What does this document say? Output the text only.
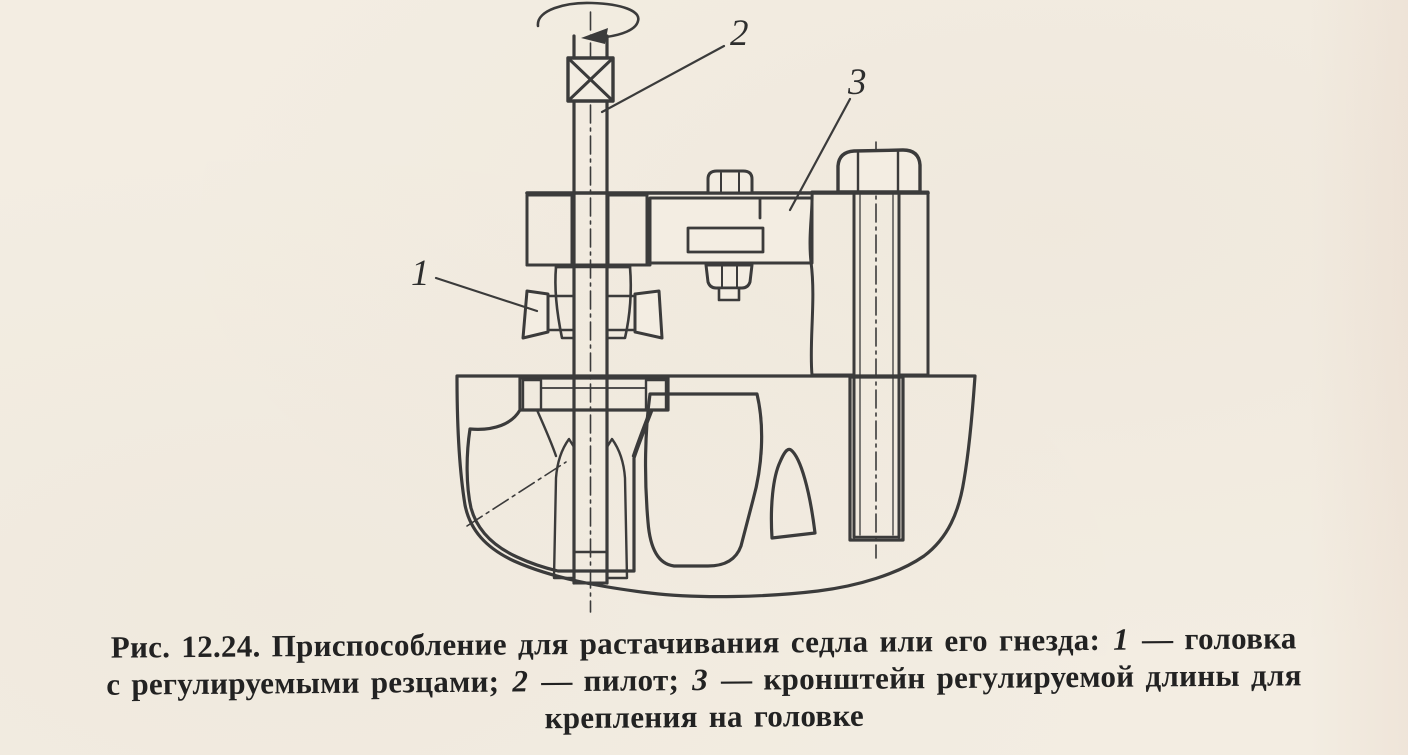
1
2
3
Рис. 12.24. Приспособление для растачивания седла или его гнезда: 1 — головка
с регулируемыми резцами; 2 — пилот; 3 — кронштейн регулируемой длины для
крепления на головке
